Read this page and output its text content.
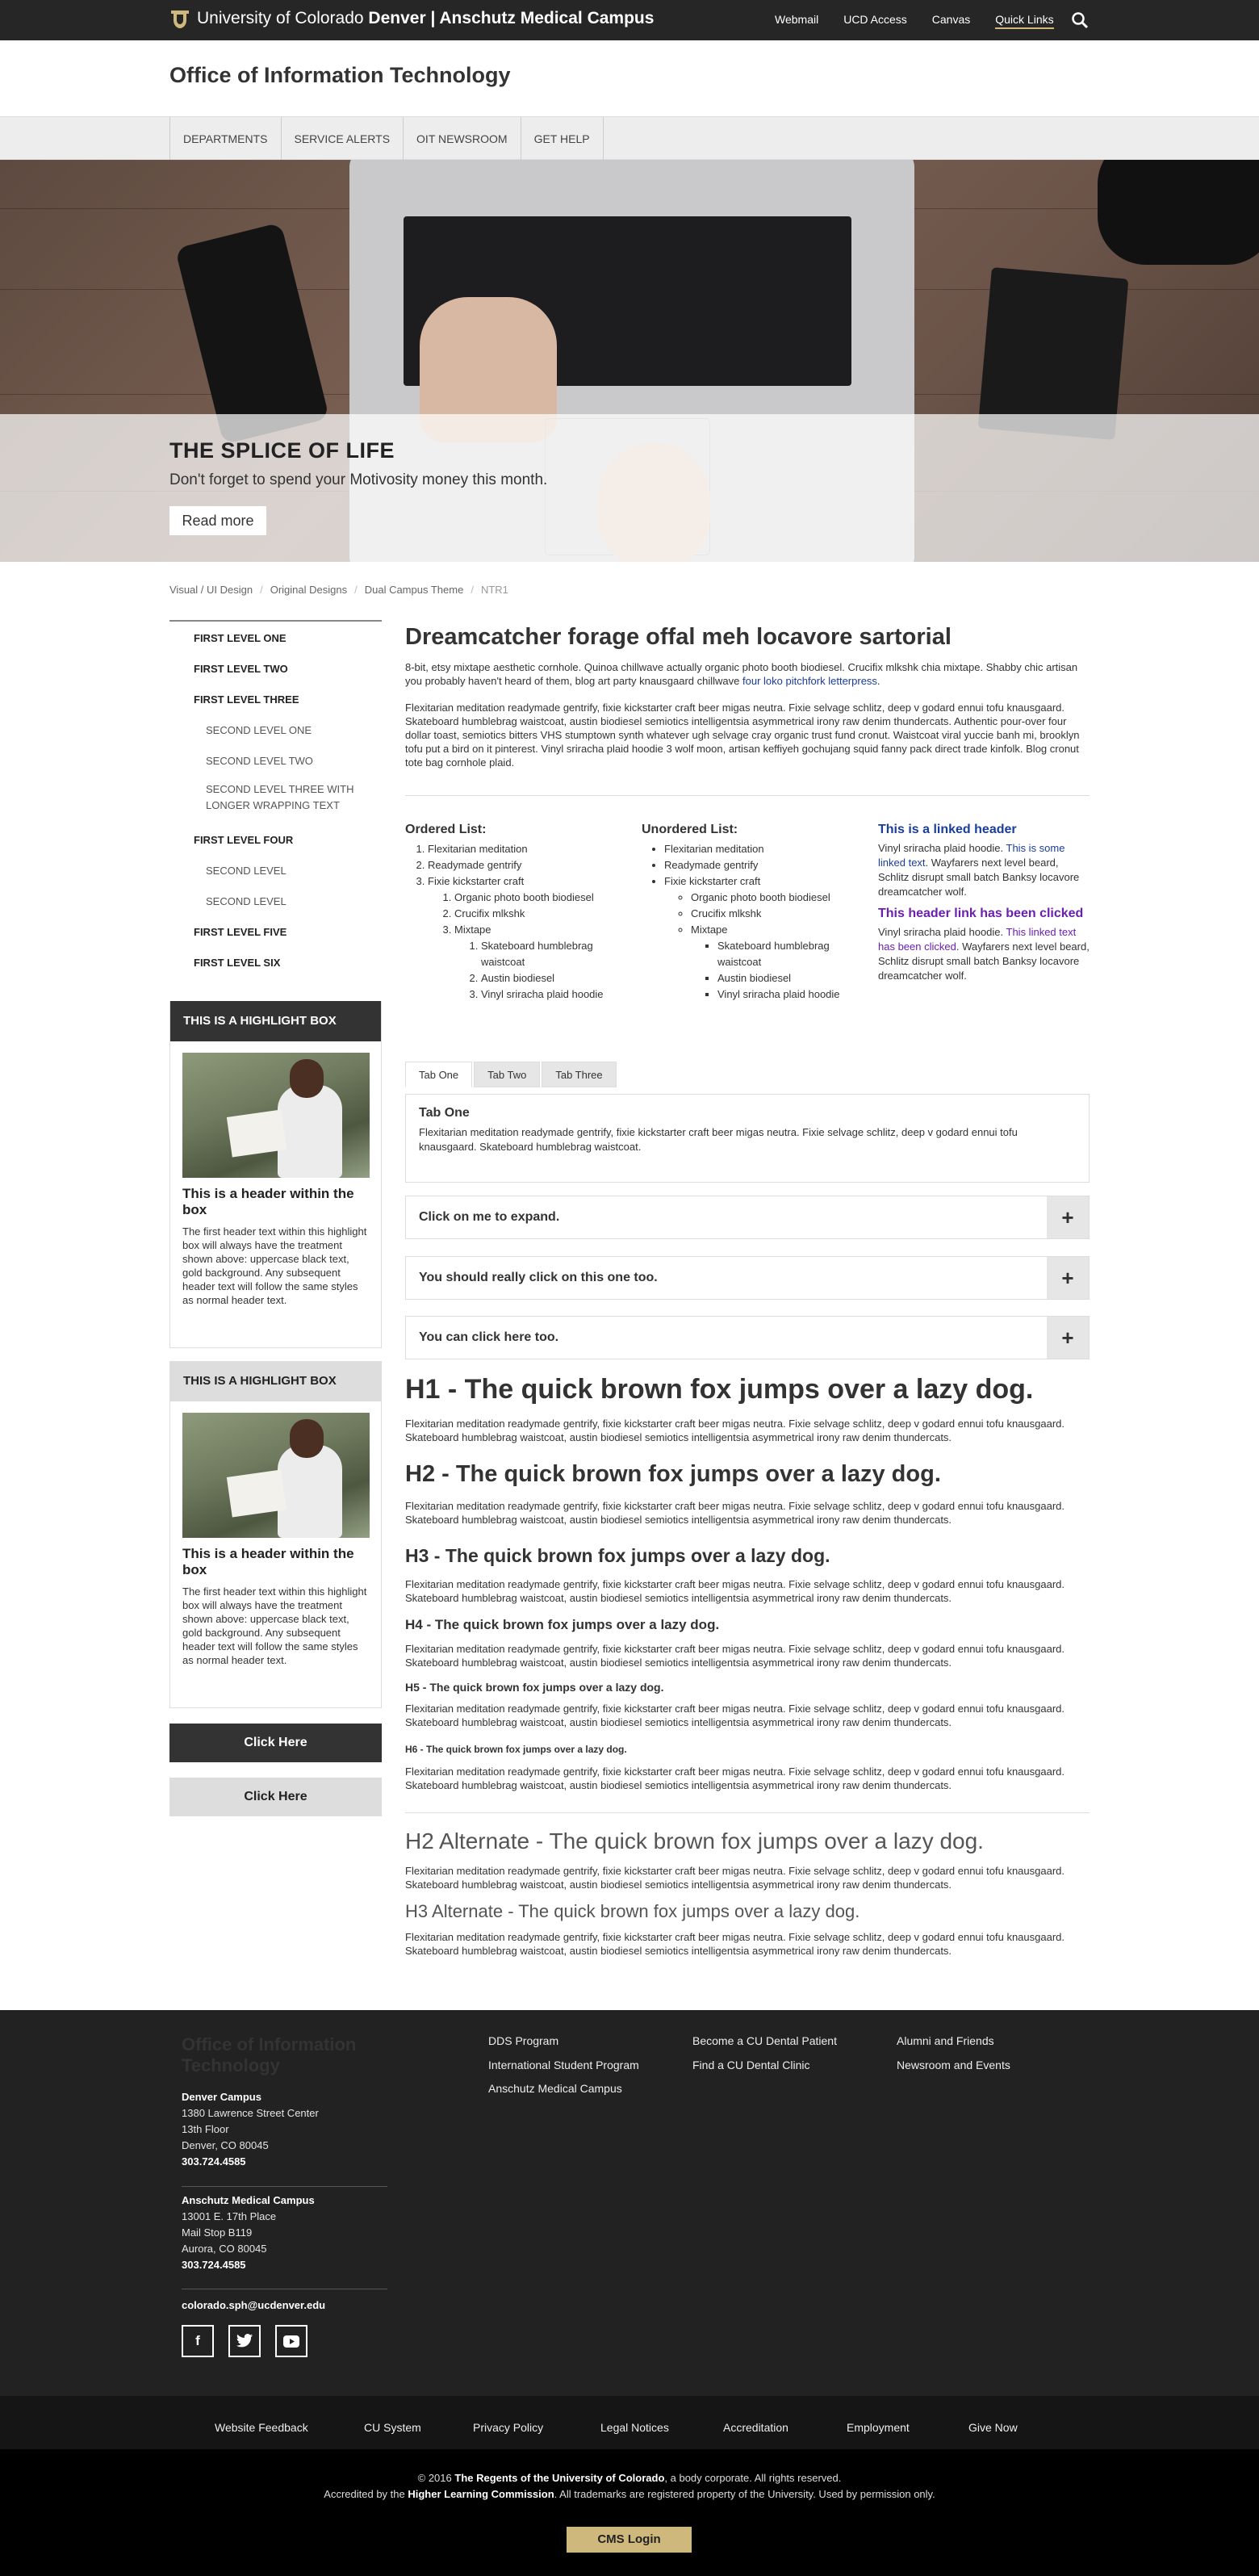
University of Colorado Denver | Anschutz Medical Campus	Webmail UCD Access Canvas Quick Links
Office of Information Technology
DEPARTMENTS	SERVICE ALERTS	OIT NEWSROOM	GET HELP
THE SPLICE OF LIFE
Don't forget to spend your Motivosity money this month.
Read more
Visual / UI Design / Original Designs / Dual Campus Theme / NTR1
FIRST LEVEL ONE
FIRST LEVEL TWO
FIRST LEVEL THREE
SECOND LEVEL ONE
SECOND LEVEL TWO
SECOND LEVEL THREE WITH LONGER WRAPPING TEXT
FIRST LEVEL FOUR
SECOND LEVEL
SECOND LEVEL
FIRST LEVEL FIVE
FIRST LEVEL SIX
THIS IS A HIGHLIGHT BOX
This is a header within the box
The first header text within this highlight box will always have the treatment shown above: uppercase black text, gold background. Any subsequent header text will follow the same styles as normal header text.
THIS IS A HIGHLIGHT BOX
This is a header within the box
The first header text within this highlight box will always have the treatment shown above: uppercase black text, gold background. Any subsequent header text will follow the same styles as normal header text.
Click Here
Click Here
Dreamcatcher forage offal meh locavore sartorial
8-bit, etsy mixtape aesthetic cornhole. Quinoa chillwave actually organic photo booth biodiesel. Crucifix mlkshk chia mixtape. Shabby chic artisan you probably haven't heard of them, blog art party knausgaard chillwave four loko pitchfork letterpress.
Flexitarian meditation readymade gentrify, fixie kickstarter craft beer migas neutra. Fixie selvage schlitz, deep v godard ennui tofu knausgaard. Skateboard humblebrag waistcoat, austin biodiesel semiotics intelligentsia asymmetrical irony raw denim thundercats. Authentic pour-over four dollar toast, semiotics bitters VHS stumptown synth whatever ugh selvage cray organic trust fund cronut. Waistcoat viral yuccie banh mi, brooklyn tofu put a bird on it pinterest. Vinyl sriracha plaid hoodie 3 wolf moon, artisan keffiyeh gochujang squid fanny pack direct trade kinfolk. Blog cronut tote bag cornhole plaid.
Ordered List:
1. Flexitarian meditation
2. Readymade gentrify
3. Fixie kickstarter craft
1. Organic photo booth biodiesel
2. Crucifix mlkshk
3. Mixtape
1. Skateboard humblebrag waistcoat
2. Austin biodiesel
3. Vinyl sriracha plaid hoodie
Unordered List:
• Flexitarian meditation
• Readymade gentrify
• Fixie kickstarter craft
◦ Organic photo booth biodiesel
◦ Crucifix mlkshk
◦ Mixtape
▪ Skateboard humblebrag waistcoat
▪ Austin biodiesel
▪ Vinyl sriracha plaid hoodie
This is a linked header

Vinyl sriracha plaid hoodie. This is some linked text. Wayfarers next level beard, Schlitz disrupt small batch Banksy locavore dreamcatcher wolf.

This header link has been clicked

Vinyl sriracha plaid hoodie. This linked text has been clicked. Wayfarers next level beard, Schlitz disrupt small batch Banksy locavore dreamcatcher wolf.

Tab One	Tab Two	Tab Three
Tab One
Flexitarian meditation readymade gentrify, fixie kickstarter craft beer migas neutra. Fixie selvage schlitz, deep v godard ennui tofu knausgaard. Skateboard humblebrag waistcoat.
Click on me to expand.	+
You should really click on this one too.	+
You can click here too.	+
H1 - The quick brown fox jumps over a lazy dog.
Flexitarian meditation readymade gentrify, fixie kickstarter craft beer migas neutra. Fixie selvage schlitz, deep v godard ennui tofu knausgaard. Skateboard humblebrag waistcoat, austin biodiesel semiotics intelligentsia asymmetrical irony raw denim thundercats.
H2 - The quick brown fox jumps over a lazy dog.
Flexitarian meditation readymade gentrify, fixie kickstarter craft beer migas neutra. Fixie selvage schlitz, deep v godard ennui tofu knausgaard. Skateboard humblebrag waistcoat, austin biodiesel semiotics intelligentsia asymmetrical irony raw denim thundercats.
H3 - The quick brown fox jumps over a lazy dog.
Flexitarian meditation readymade gentrify, fixie kickstarter craft beer migas neutra. Fixie selvage schlitz, deep v godard ennui tofu knausgaard. Skateboard humblebrag waistcoat, austin biodiesel semiotics intelligentsia asymmetrical irony raw denim thundercats.
H4 - The quick brown fox jumps over a lazy dog.
Flexitarian meditation readymade gentrify, fixie kickstarter craft beer migas neutra. Fixie selvage schlitz, deep v godard ennui tofu knausgaard. Skateboard humblebrag waistcoat, austin biodiesel semiotics intelligentsia asymmetrical irony raw denim thundercats.
H5 - The quick brown fox jumps over a lazy dog.
Flexitarian meditation readymade gentrify, fixie kickstarter craft beer migas neutra. Fixie selvage schlitz, deep v godard ennui tofu knausgaard. Skateboard humblebrag waistcoat, austin biodiesel semiotics intelligentsia asymmetrical irony raw denim thundercats.
H6 - The quick brown fox jumps over a lazy dog.
Flexitarian meditation readymade gentrify, fixie kickstarter craft beer migas neutra. Fixie selvage schlitz, deep v godard ennui tofu knausgaard. Skateboard humblebrag waistcoat, austin biodiesel semiotics intelligentsia asymmetrical irony raw denim thundercats.
H2 Alternate - The quick brown fox jumps over a lazy dog.
Flexitarian meditation readymade gentrify, fixie kickstarter craft beer migas neutra. Fixie selvage schlitz, deep v godard ennui tofu knausgaard. Skateboard humblebrag waistcoat, austin biodiesel semiotics intelligentsia asymmetrical irony raw denim thundercats.
H3 Alternate - The quick brown fox jumps over a lazy dog.
Flexitarian meditation readymade gentrify, fixie kickstarter craft beer migas neutra. Fixie selvage schlitz, deep v godard ennui tofu knausgaard. Skateboard humblebrag waistcoat, austin biodiesel semiotics intelligentsia asymmetrical irony raw denim thundercats.
Office of Information Technology
Denver Campus
1380 Lawrence Street Center
13th Floor
Denver, CO 80045
303.724.4585
Anschutz Medical Campus
13001 E. 17th Place
Mail Stop B119
Aurora, CO 80045
303.724.4585
colorado.sph@ucdenver.edu
f
DDS Program
International Student Program
Anschutz Medical Campus
Become a CU Dental Patient
Find a CU Dental Clinic
Alumni and Friends
Newsroom and Events
Website Feedback	CU System	Privacy Policy	Legal Notices	Accreditation	Employment	Give Now
© 2016 The Regents of the University of Colorado, a body corporate. All rights reserved.
Accredited by the Higher Learning Commission. All trademarks are registered property of the University. Used by permission only.
CMS Login
